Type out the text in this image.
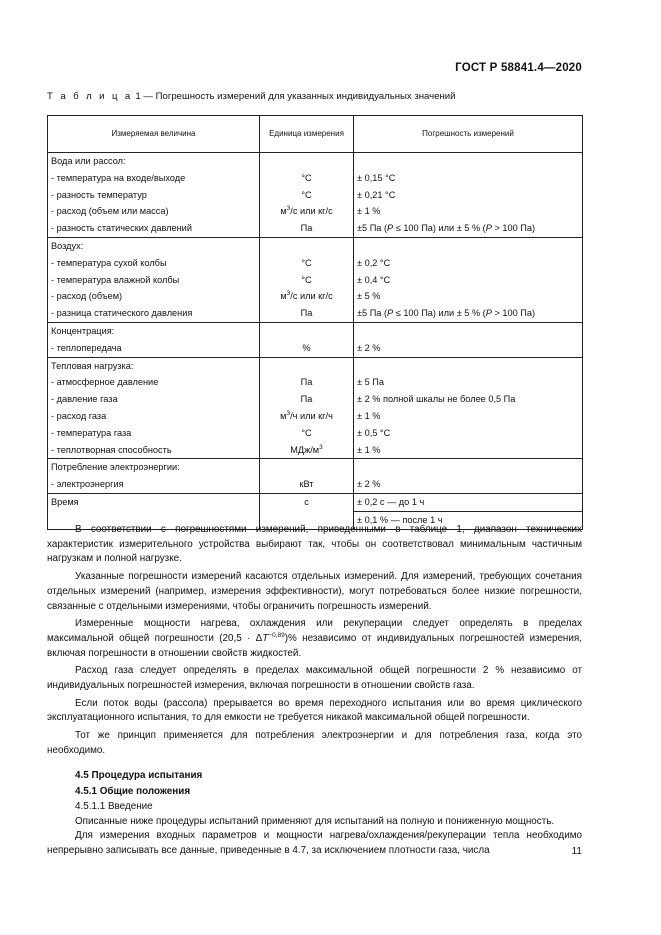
ГОСТ Р 58841.4—2020
Т а б л и ц а 1 — Погрешность измерений для указанных индивидуальных значений
Измеряемая величина	Единица измерения	Погрешность измерений
Вода или рассол:		
- температура на входе/выходе	°С	± 0,15 °С
- разность температур	°С	± 0,21 °С
- расход (объем или масса)	$м^3/с$ или кг/с	± 1 %
- разность статических давлений	Па	±5 Па (P ≤ 100 Па) или ± 5 % (P > 100 Па)
Воздух:		
- температура сухой колбы	°С	± 0,2 °С
- температура влажной колбы	°С	± 0,4 °С
- расход (объем)	$м^3/с$ или кг/с	± 5 %
- разница статического давления	Па	±5 Па (P ≤ 100 Па) или ± 5 % (P > 100 Па)
Концентрация:		
- теплопередача	%	± 2 %
Тепловая нагрузка:		
- атмосферное давление	Па	± 5 Па
- давление газа	Па	± 2 % полной шкалы не более 0,5 Па
- расход газа	$м^3/ч$ или кг/ч	± 1 %
- температура газа	°С	± 0,5 °С
- теплотворная способность	МДж/$м^3$	± 1 %
Потребление электроэнергии:		
- электроэнергия	кВт	± 2 %
Время	с	± 0,2 с — до 1 ч
		± 0,1 % — после 1 ч

В соответствии с погрешностями измерений, приведенными в таблице 1, диапазон технических характеристик измерительного устройства выбирают так, чтобы он соответствовал минимальным частичным нагрузкам и полной нагрузке.

Указанные погрешности измерений касаются отдельных измерений. Для измерений, требующих сочетания отдельных измерений (например, измерения эффективности), могут потребоваться более низкие погрешности, связанные с отдельными измерениями, чтобы ограничить погрешность измерений.

Измеренные мощности нагрева, охлаждения или рекуперации следует определять в пределах максимальной общей погрешности $(20,5 \cdot \Delta T^{-0,89})\%$ независимо от индивидуальных погрешностей измерения, включая погрешности в отношении свойств жидкостей.

Расход газа следует определять в пределах максимальной общей погрешности 2 % независимо от индивидуальных погрешностей измерения, включая погрешности в отношении свойств газа.

Если поток воды (рассола) прерывается во время переходного испытания или во время циклического эксплуатационного испытания, то для емкости не требуется никакой максимальной общей погрешности.

Тот же принцип применяется для потребления электроэнергии и для потребления газа, когда это необходимо.

4.5 Процедура испытания

4.5.1 Общие положения

4.5.1.1 Введение

Описанные ниже процедуры испытаний применяют для испытаний на полную и пониженную мощность.

Для измерения входных параметров и мощности нагрева/охлаждения/рекуперации тепла необходимо непрерывно записывать все данные, приведенные в 4.7, за исключением плотности газа, числа	11
